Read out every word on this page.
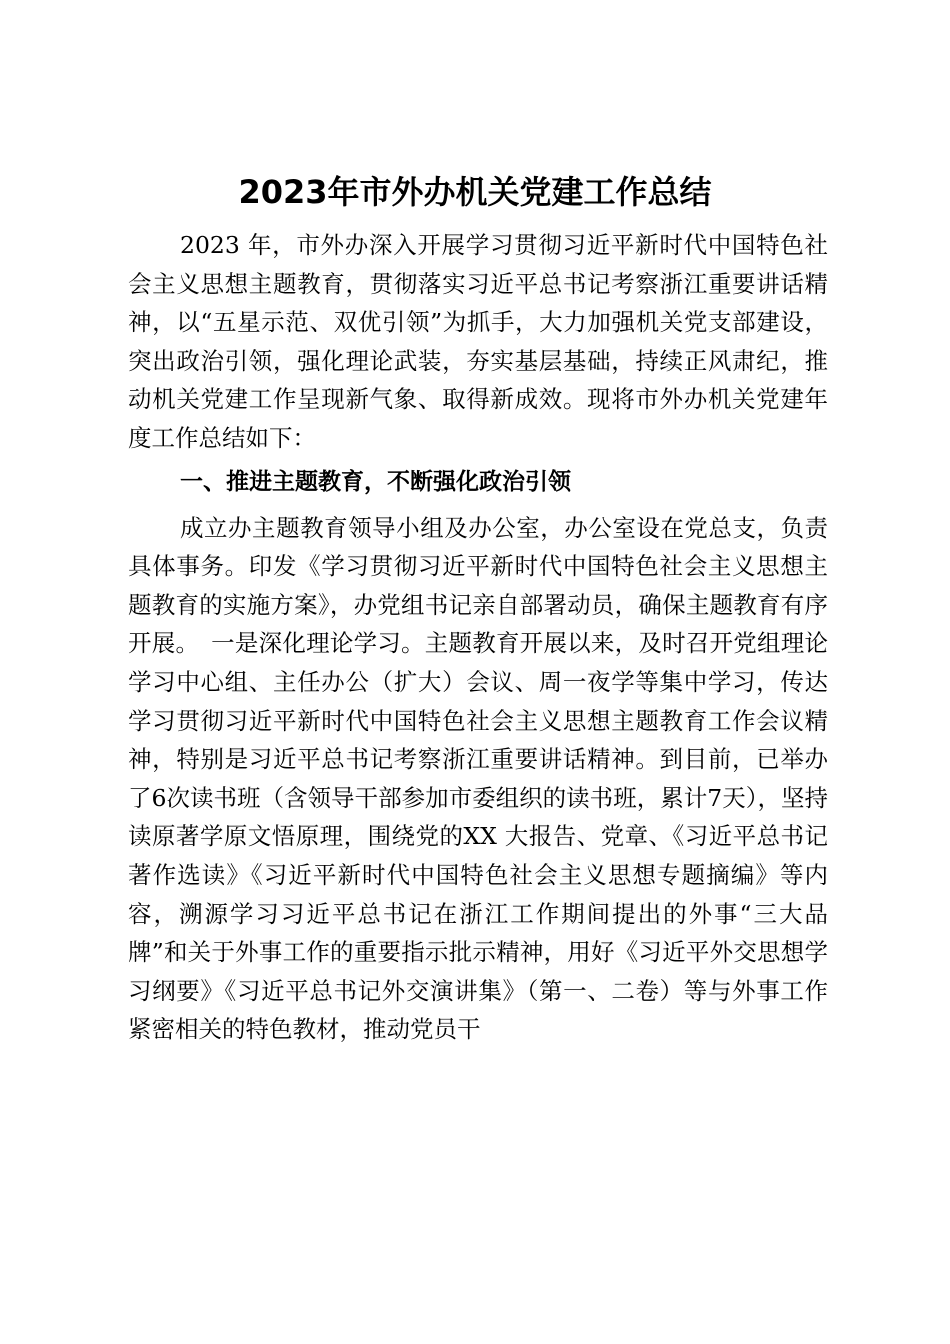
2023年市外办机关党建工作总结

2023 年，市外办深入开展学习贯彻习近平新时代中国特色社会主义思想主题教育，贯彻落实习近平总书记考察浙江重要讲话精神，以“五星示范、双优引领”为抓手，大力加强机关党支部建设，突出政治引领，强化理论武装，夯实基层基础，持续正风肃纪，推动机关党建工作呈现新气象、取得新成效。现将市外办机关党建年度工作总结如下：

一、推进主题教育，不断强化政治引领

成立办主题教育领导小组及办公室，办公室设在党总支，负责具体事务。印发《学习贯彻习近平新时代中国特色社会主义思想主题教育的实施方案》，办党组书记亲自部署动员，确保主题教育有序开展。　一是深化理论学习。主题教育开展以来，及时召开党组理论学习中心组、主任办公（扩大）会议、周一夜学等集中学习，传达学习贯彻习近平新时代中国特色社会主义思想主题教育工作会议精神，特别是习近平总书记考察浙江重要讲话精神。到目前，已举办了6次读书班（含领导干部参加市委组织的读书班，累计7天），坚持读原著学原文悟原理，围绕党的XX 大报告、党章、《习近平总书记著作选读》《习近平新时代中国特色社会主义思想专题摘编》等内容，溯源学习习近平总书记在浙江工作期间提出的外事“三大品牌”和关于外事工作的重要指示批示精神，用好《习近平外交思想学习纲要》《习近平总书记外交演讲集》（第一、二卷）等与外事工作紧密相关的特色教材，推动党员干
